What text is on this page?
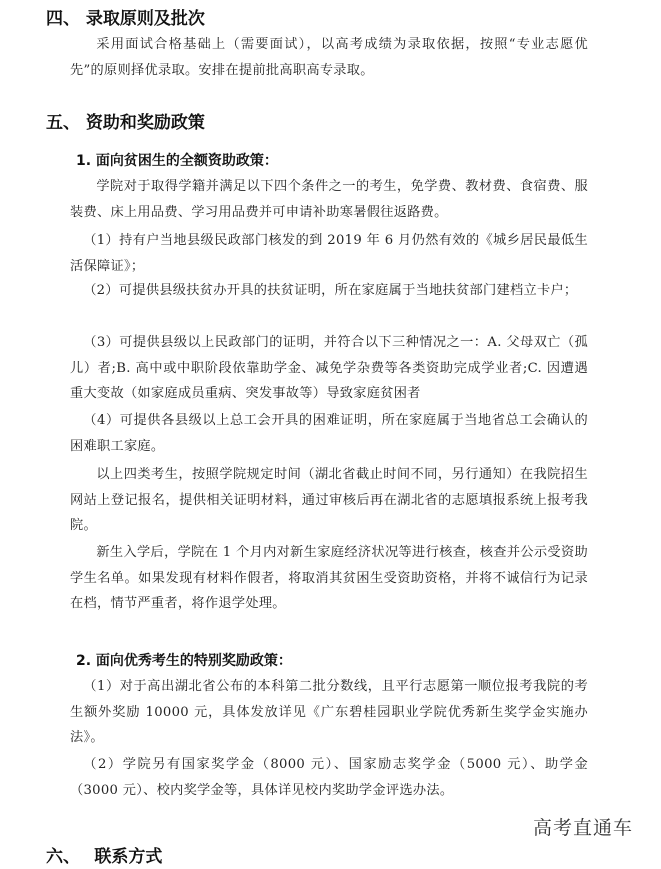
四、 录取原则及批次
采用面试合格基础上（需要面试），以高考成绩为录取依据，按照“专业志愿优先”的原则择优录取。安排在提前批高职高专录取。
五、 资助和奖励政策
1. 面向贫困生的全额资助政策：
学院对于取得学籍并满足以下四个条件之一的考生，免学费、教材费、食宿费、服装费、床上用品费、学习用品费并可申请补助寒暑假往返路费。
（1）持有户当地县级民政部门核发的到 2019 年 6 月仍然有效的《城乡居民最低生活保障证》；
（2）可提供县级扶贫办开具的扶贫证明，所在家庭属于当地扶贫部门建档立卡户；
（3）可提供县级以上民政部门的证明，并符合以下三种情况之一：A. 父母双亡（孤儿）者;B. 高中或中职阶段依靠助学金、减免学杂费等各类资助完成学业者;C. 因遭遇重大变故（如家庭成员重病、突发事故等）导致家庭贫困者
（4）可提供各县级以上总工会开具的困难证明，所在家庭属于当地省总工会确认的困难职工家庭。
以上四类考生，按照学院规定时间（湖北省截止时间不同，另行通知）在我院招生网站上登记报名，提供相关证明材料，通过审核后再在湖北省的志愿填报系统上报考我院。
新生入学后，学院在 1 个月内对新生家庭经济状况等进行核查，核查并公示受资助学生名单。如果发现有材料作假者，将取消其贫困生受资助资格，并将不诚信行为记录在档，情节严重者，将作退学处理。
2. 面向优秀考生的特别奖励政策：
（1）对于高出湖北省公布的本科第二批分数线，且平行志愿第一顺位报考我院的考生额外奖励 10000 元，具体发放详见《广东碧桂园职业学院优秀新生奖学金实施办法》。
（2）学院另有国家奖学金（8000 元）、国家励志奖学金（5000 元）、助学金（3000 元）、校内奖学金等，具体详见校内奖助学金评选办法。
六、　 联系方式
高考直通车
